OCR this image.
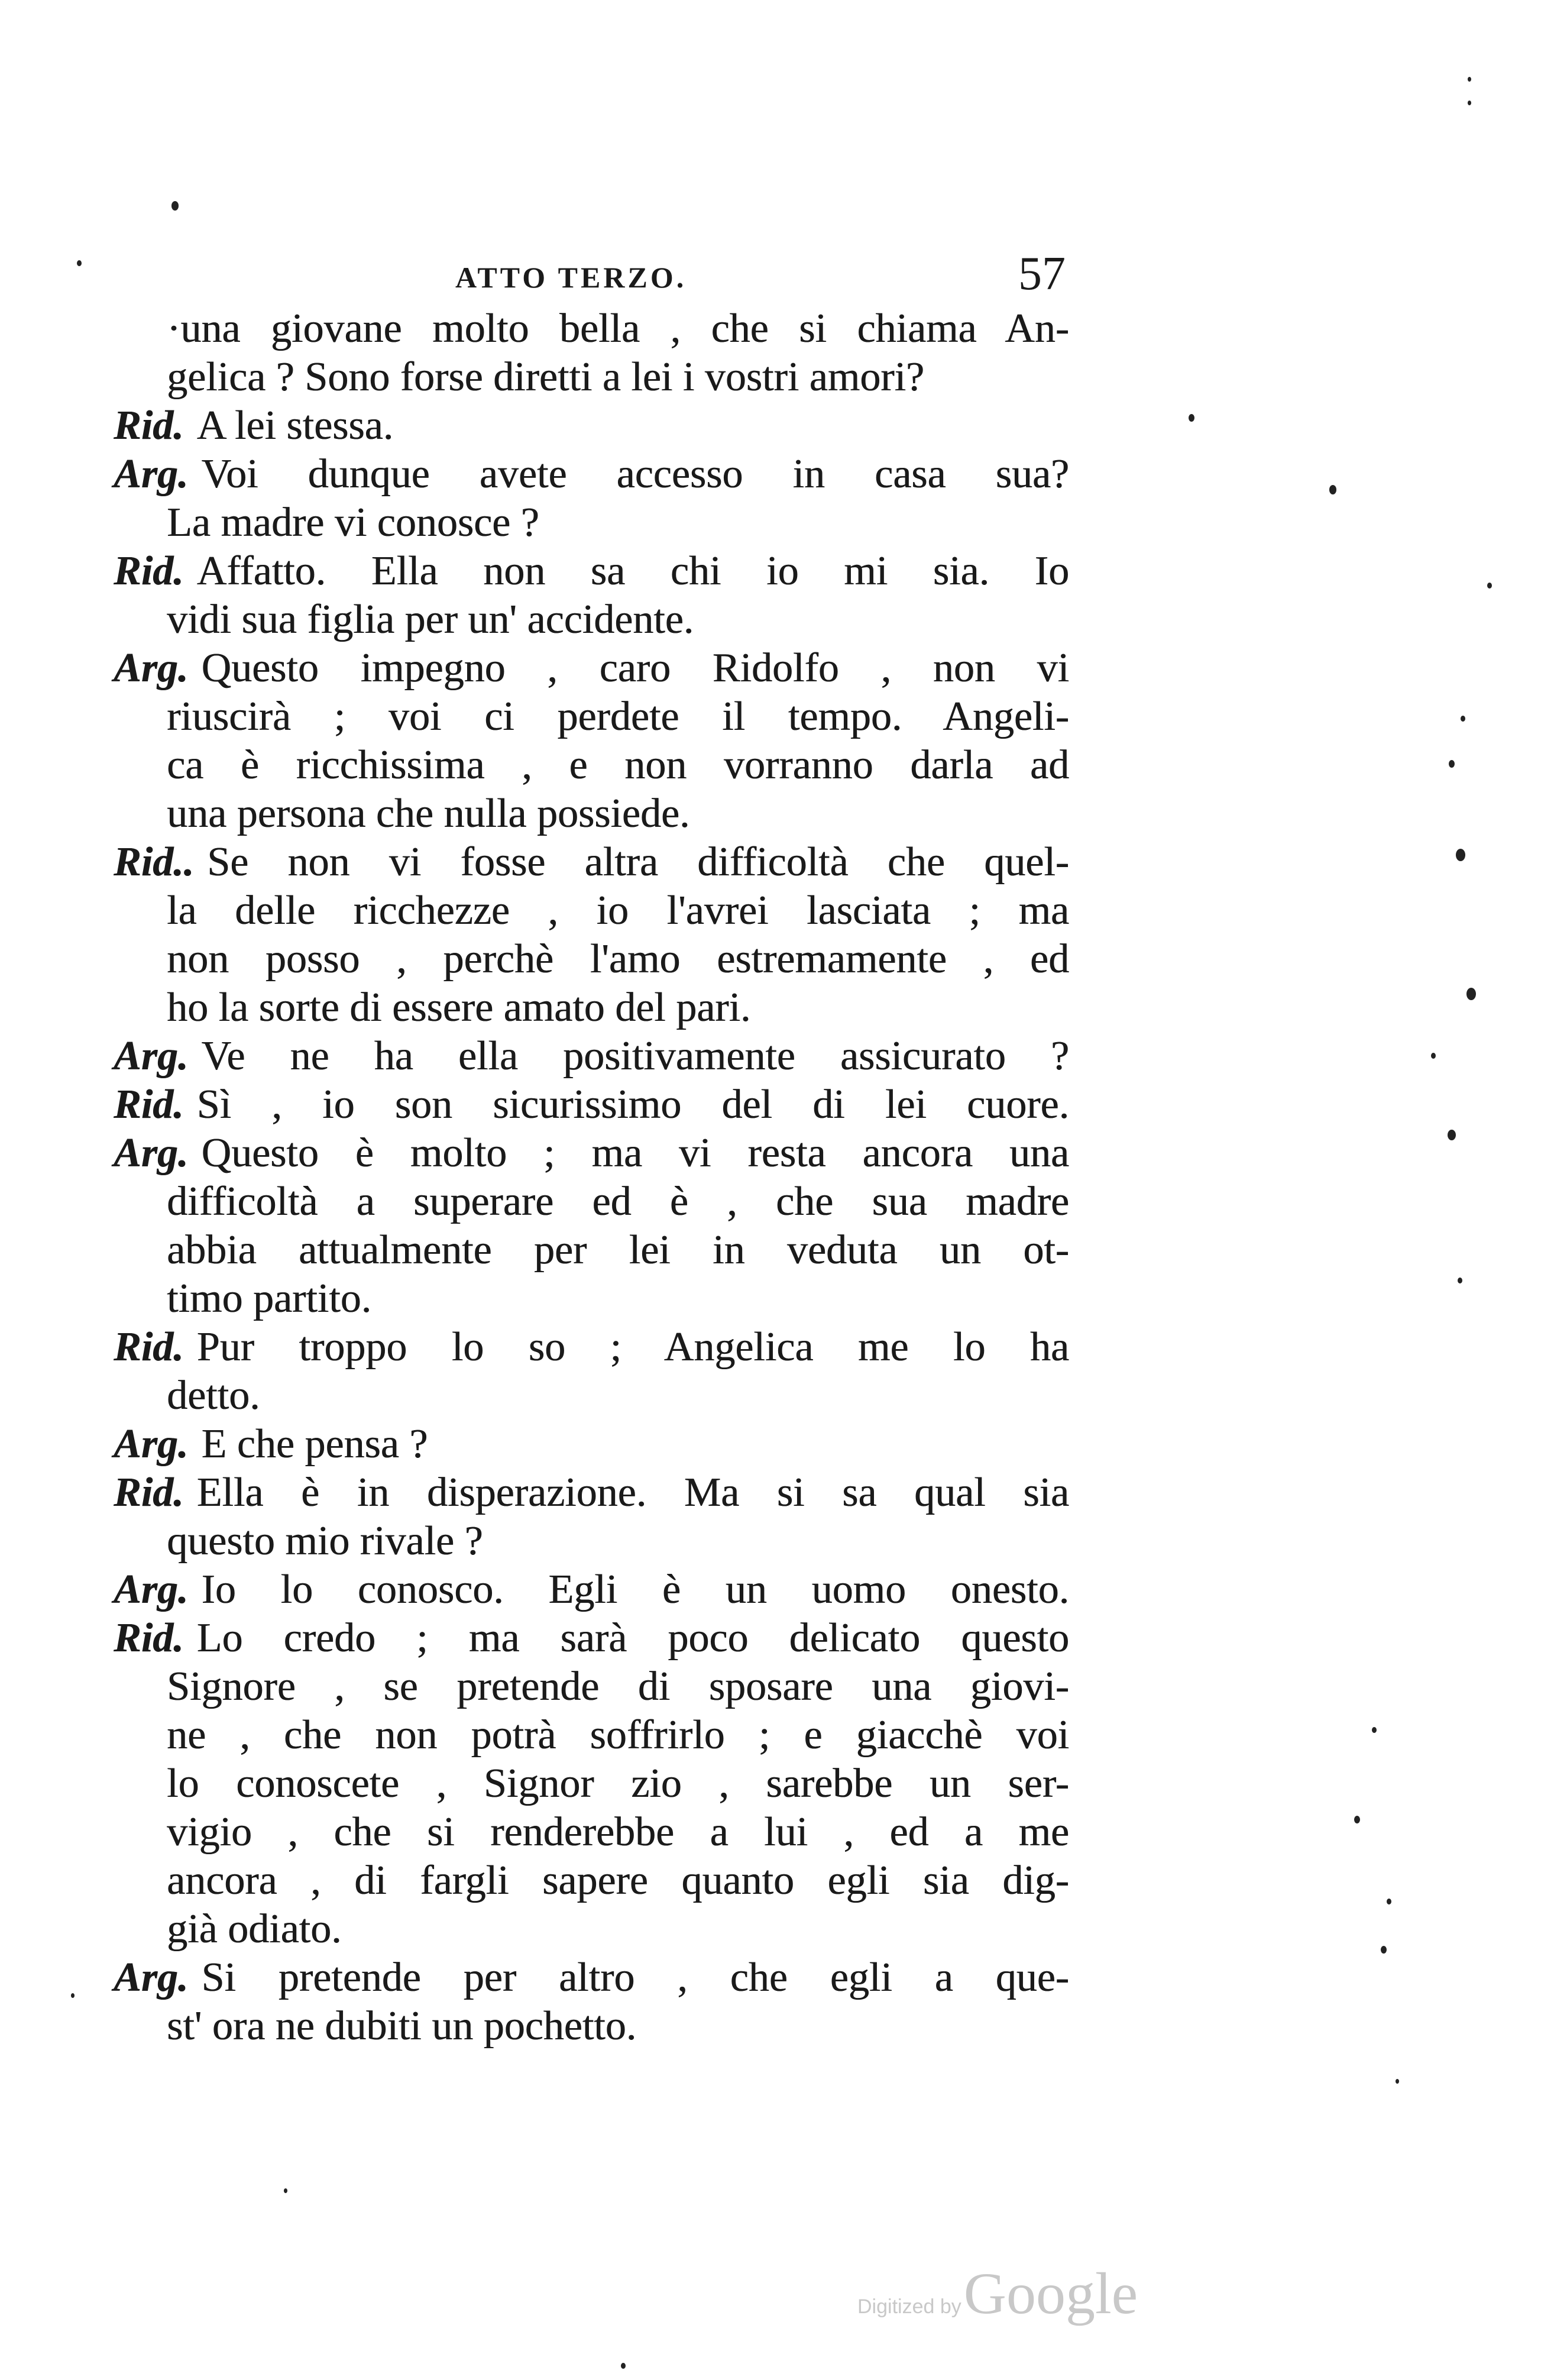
ATTO TERZO.	57
·una giovane molto bella , che si chiama An-
gelica ? Sono forse diretti a lei i vostri amori?
Rid. A lei stessa.
Arg. Voi dunque avete accesso in casa sua?
La madre vi conosce ?
Rid. Affatto. Ella non sa chi io mi sia. Io
vidi sua figlia per un' accidente.
Arg. Questo impegno , caro Ridolfo , non vi
riuscirà ; voi ci perdete il tempo. Angeli-
ca è ricchissima , e non vorranno darla ad
una persona che nulla possiede.
Rid.. Se non vi fosse altra difficoltà che quel-
la delle ricchezze , io l'avrei lasciata ; ma
non posso , perchè l'amo estremamente , ed
ho la sorte di essere amato del pari.
Arg. Ve ne ha ella positivamente assicurato ?
Rid. Sì , io son sicurissimo del di lei cuore.
Arg. Questo è molto ; ma vi resta ancora una
difficoltà a superare ed è , che sua madre
abbia attualmente per lei in veduta un ot-
timo partito.
Rid. Pur troppo lo so ; Angelica me lo ha
detto.
Arg. E che pensa ?
Rid. Ella è in disperazione. Ma si sa qual sia
questo mio rivale ?
Arg. Io lo conosco. Egli è un uomo onesto.
Rid. Lo credo ; ma sarà poco delicato questo
Signore , se pretende di sposare una giovi-
ne , che non potrà soffrirlo ; e giacchè voi
lo conoscete , Signor zio , sarebbe un ser-
vigio , che si renderebbe a lui , ed a me
ancora , di fargli sapere quanto egli sia dig-
già odiato.
Arg. Si pretende per altro , che egli a que-
st' ora ne dubiti un pochetto.
Digitized by Google
